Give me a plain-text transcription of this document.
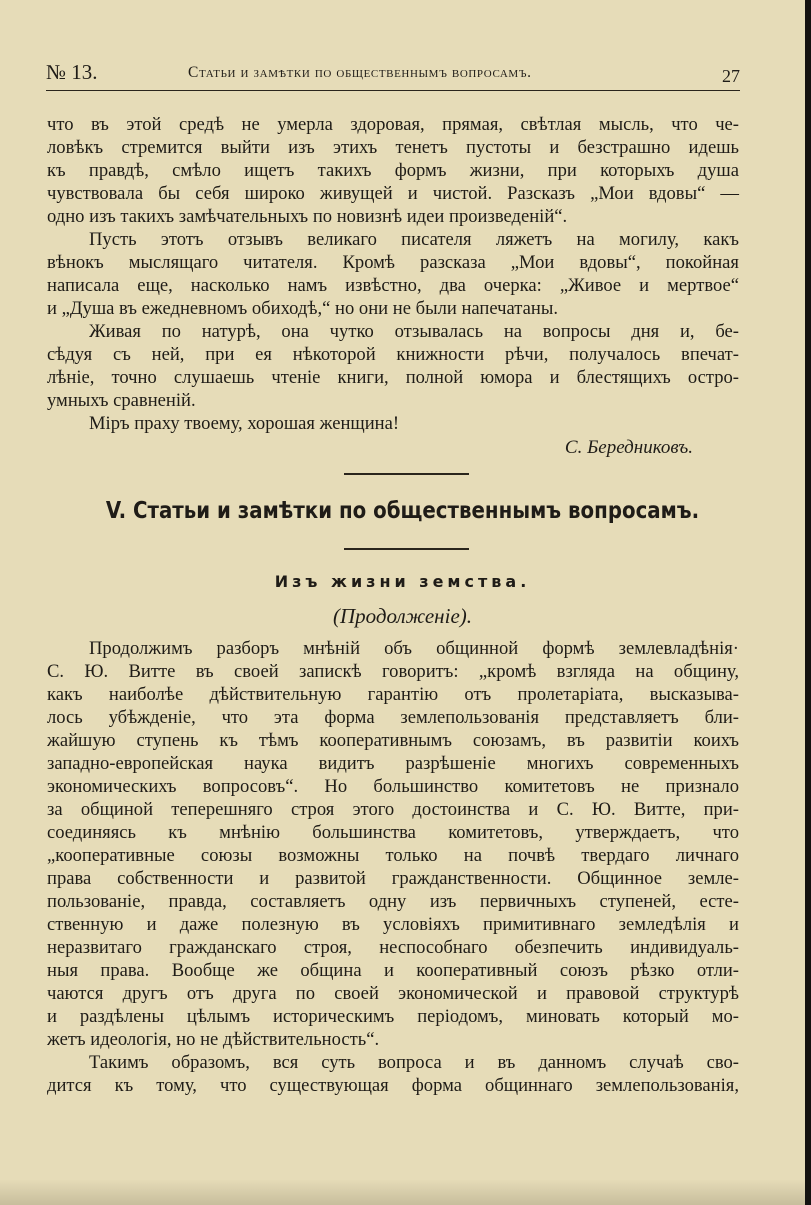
№ 13.	Статьи и замѣтки по общественнымъ вопросамъ.	27
что въ этой средѣ не умерла здоровая, прямая, свѣтлая мысль, что че-
ловѣкъ стремится выйти изъ этихъ тенетъ пустоты и безстрашно идешь
къ правдѣ, смѣло ищетъ такихъ формъ жизни, при которыхъ душа
чувствовала бы себя широко живущей и чистой. Разсказъ „Мои вдовы“ —
одно изъ такихъ замѣчательныхъ по новизнѣ идеи произведеній“.
Пусть этотъ отзывъ великаго писателя ляжетъ на могилу, какъ
вѣнокъ мыслящаго читателя. Кромѣ разсказа „Мои вдовы“, покойная
написала еще, насколько намъ извѣстно, два очерка: „Живое и мертвое“
и „Душа въ ежедневномъ обиходѣ,“ но они не были напечатаны.
Живая по натурѣ, она чутко отзывалась на вопросы дня и, бе-
сѣдуя съ ней, при ея нѣкоторой книжности рѣчи, получалось впечат-
лѣніе, точно слушаешь чтеніе книги, полной юмора и блестящихъ остро-
умныхъ сравненій.
Міръ праху твоему, хорошая женщина!
С. Бередниковъ.
V. Статьи и замѣтки по общественнымъ вопросамъ.
Изъ жизни земства.
(Продолженіе).
Продолжимъ разборъ мнѣній объ общинной формѣ землевладѣнія·
С. Ю. Витте въ своей запискѣ говоритъ: „кромѣ взгляда на общину,
какъ наиболѣе дѣйствительную гарантію отъ пролетаріата, высказыва-
лось убѣжденіе, что эта форма землепользованія представляетъ бли-
жайшую ступень къ тѣмъ кооперативнымъ союзамъ, въ развитіи коихъ
западно-европейская наука видитъ разрѣшеніе многихъ современныхъ
экономическихъ вопросовъ“. Но большинство комитетовъ не признало
за общиной теперешняго строя этого достоинства и С. Ю. Витте, при-
соединяясь къ мнѣнію большинства комитетовъ, утверждаетъ, что
„кооперативные союзы возможны только на почвѣ твердаго личнаго
права собственности и развитой гражданственности. Общинное земле-
пользованіе, правда, составляетъ одну изъ первичныхъ ступеней, есте-
ственную и даже полезную въ условіяхъ примитивнаго земледѣлія и
неразвитаго гражданскаго строя, неспособнаго обезпечить индивидуаль-
ныя права. Вообще же община и кооперативный союзъ рѣзко отли-
чаются другъ отъ друга по своей экономической и правовой структурѣ
и раздѣлены цѣлымъ историческимъ періодомъ, миновать который мо-
жетъ идеологія, но не дѣйствительность“.
Такимъ образомъ, вся суть вопроса и въ данномъ случаѣ сво-
дится къ тому, что существующая форма общиннаго землепользованія,
